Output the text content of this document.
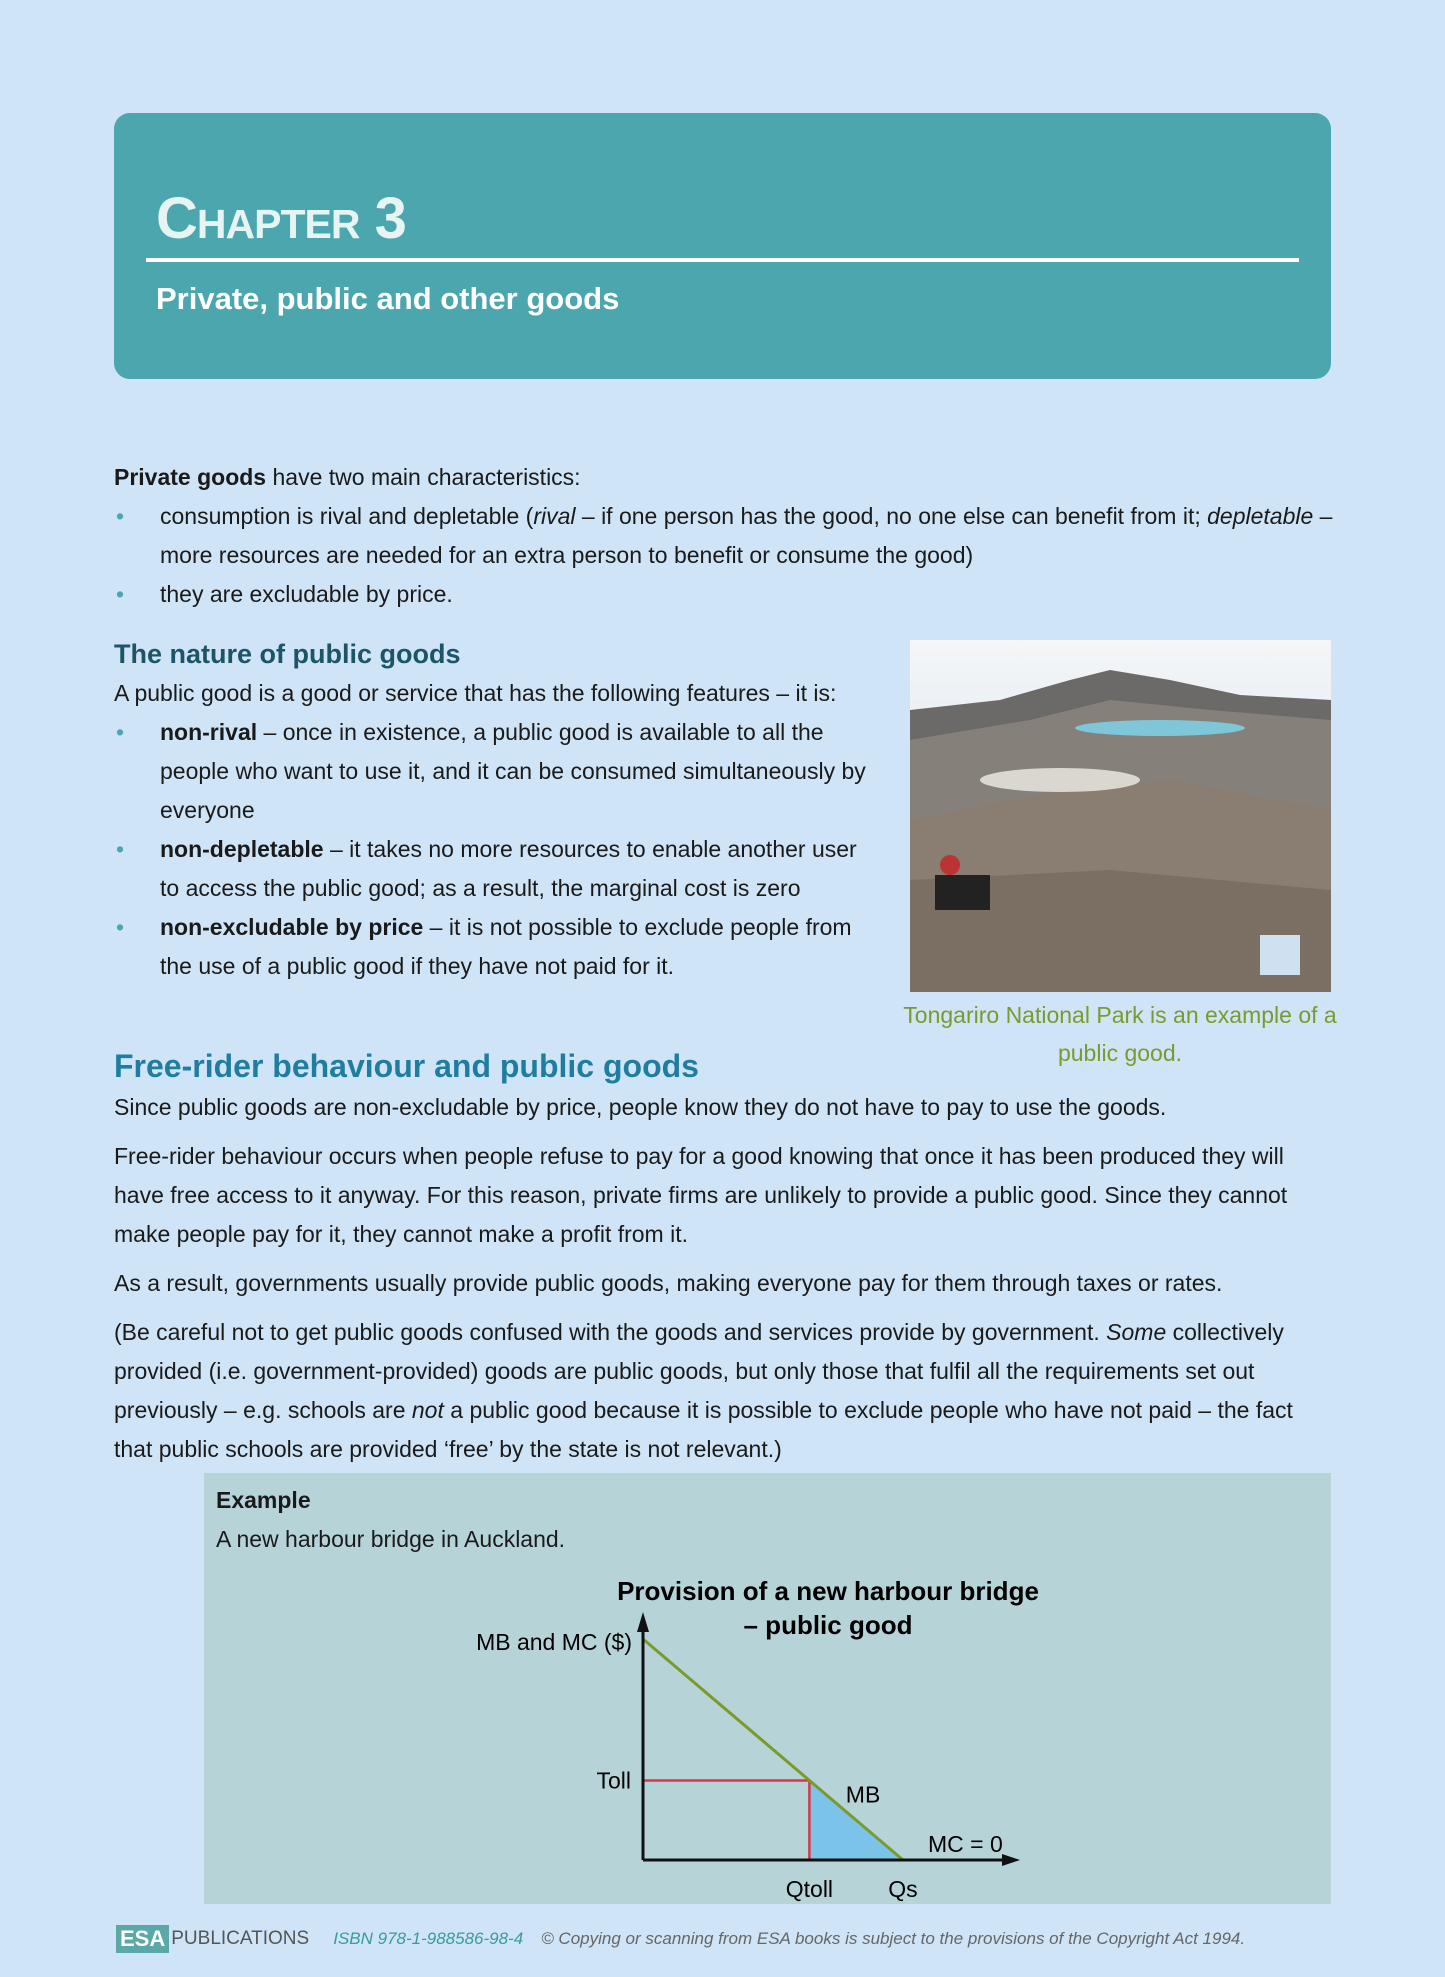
Chapter 3
Private, public and other goods
Private goods have two main characteristics:
• consumption is rival and depletable (rival – if one person has the good, no one else can benefit from it; depletable – more resources are needed for an extra person to benefit or consume the good)
• they are excludable by price.
The nature of public goods
A public good is a good or service that has the following features – it is:
• non-rival – once in existence, a public good is available to all the people who want to use it, and it can be consumed simultaneously by everyone
• non-depletable – it takes no more resources to enable another user to access the public good; as a result, the marginal cost is zero
• non-excludable by price – it is not possible to exclude people from the use of a public good if they have not paid for it.
Tongariro National Park is an example of a public good.
Free-rider behaviour and public goods

Since public goods are non-excludable by price, people know they do not have to pay to use the goods.

Free-rider behaviour occurs when people refuse to pay for a good knowing that once it has been produced they will have free access to it anyway. For this reason, private firms are unlikely to provide a public good. Since they cannot make people pay for it, they cannot make a profit from it.

As a result, governments usually provide public goods, making everyone pay for them through taxes or rates.

(Be careful not to get public goods confused with the goods and services provide by government. Some collectively provided (i.e. government-provided) goods are public goods, but only those that fulfil all the requirements set out previously – e.g. schools are not a public good because it is possible to exclude people who have not paid – the fact that public schools are provided ‘free’ by the state is not relevant.)

Example
A new harbour bridge in Auckland.
Provision of a new harbour bridge
– public good
MB and MC ($)
Toll
Qtoll Qs
MB
MC = 0
ESA PUBLICATIONS ISBN 978-1-988586-98-4 © Copying or scanning from ESA books is subject to the provisions of the Copyright Act 1994.
